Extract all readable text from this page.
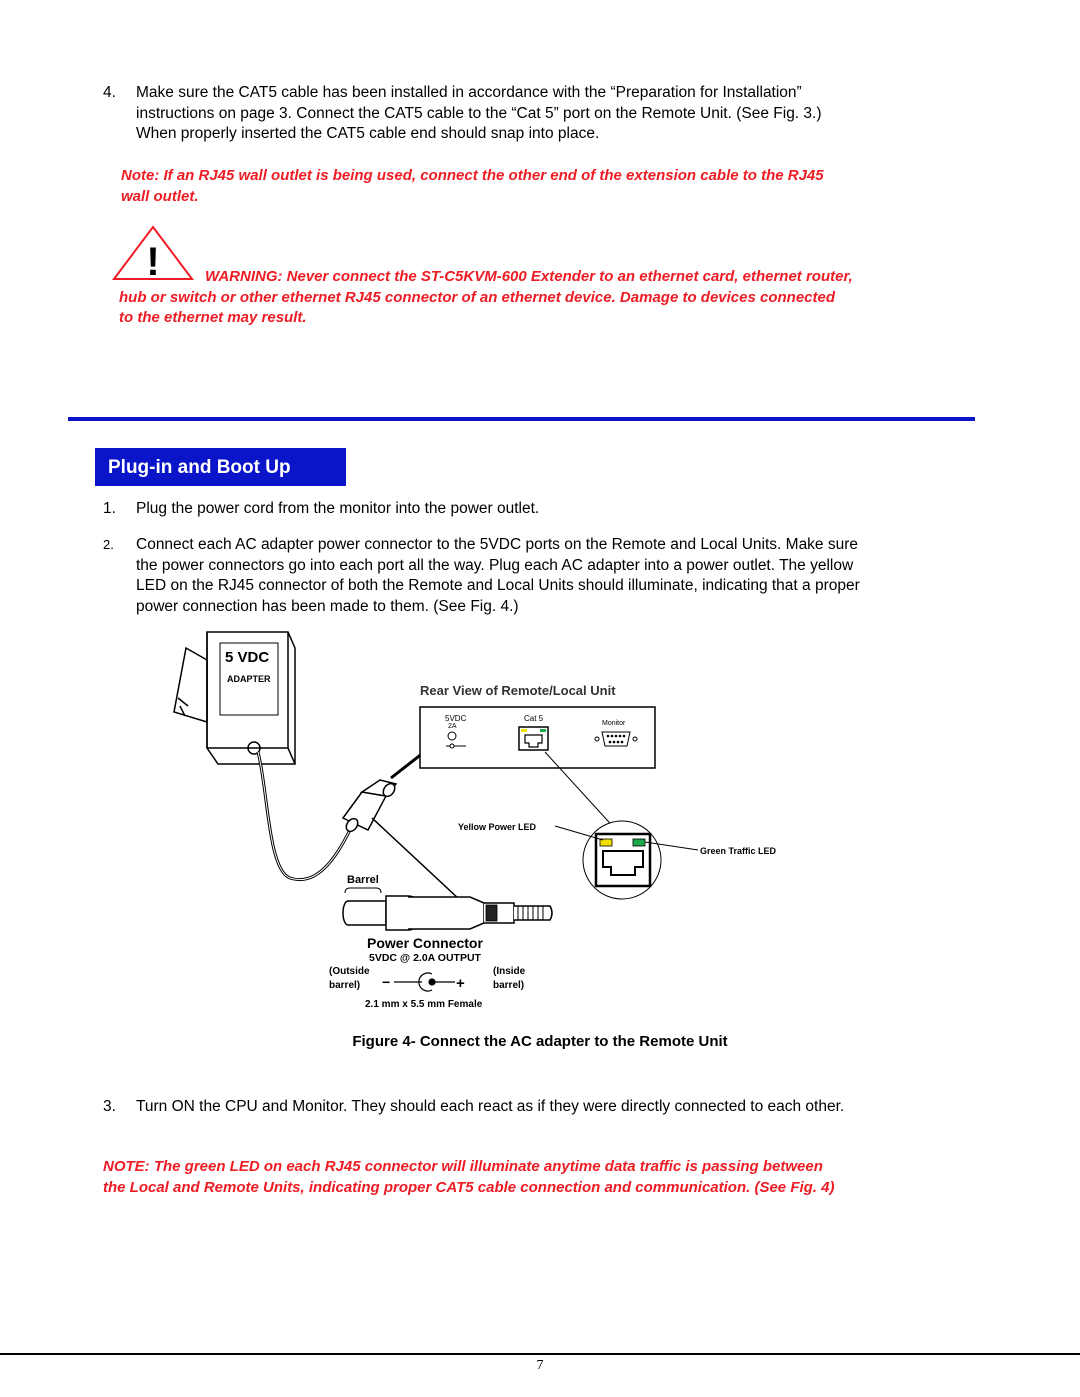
4. Make sure the CAT5 cable has been installed in accordance with the “Preparation for Installation”
instructions on page 3. Connect the CAT5 cable to the “Cat 5” port on the Remote Unit. (See Fig. 3.)
When properly inserted the CAT5 cable end should snap into place.
Note: If an RJ45 wall outlet is being used, connect the other end of the extension cable to the RJ45
wall outlet.
!	WARNING: Never connect the ST-C5KVM-600 Extender to an ethernet card, ethernet router,
hub or switch or other ethernet RJ45 connector of an ethernet device. Damage to devices connected
to the ethernet may result.
Plug-in and Boot Up
1. Plug the power cord from the monitor into the power outlet.
2. Connect each AC adapter power connector to the 5VDC ports on the Remote and Local Units. Make sure
the power connectors go into each port all the way. Plug each AC adapter into a power outlet. The yellow
LED on the RJ45 connector of both the Remote and Local Units should illuminate, indicating that a proper
power connection has been made to them. (See Fig. 4.)
5 VDC
ADAPTER
Rear View of Remote/Local Unit
5VDC
2A
Cat 5
Monitor
Yellow Power LED
Green Traffic LED
Barrel
Power Connector
5VDC @ 2.0A OUTPUT
(Outside
barrel) −	+
(Inside
barrel)
2.1 mm x 5.5 mm Female
Figure 4- Connect the AC adapter to the Remote Unit
3. Turn ON the CPU and Monitor. They should each react as if they were directly connected to each other.
NOTE: The green LED on each RJ45 connector will illuminate anytime data traffic is passing between
the Local and Remote Units, indicating proper CAT5 cable connection and communication. (See Fig. 4)
7
